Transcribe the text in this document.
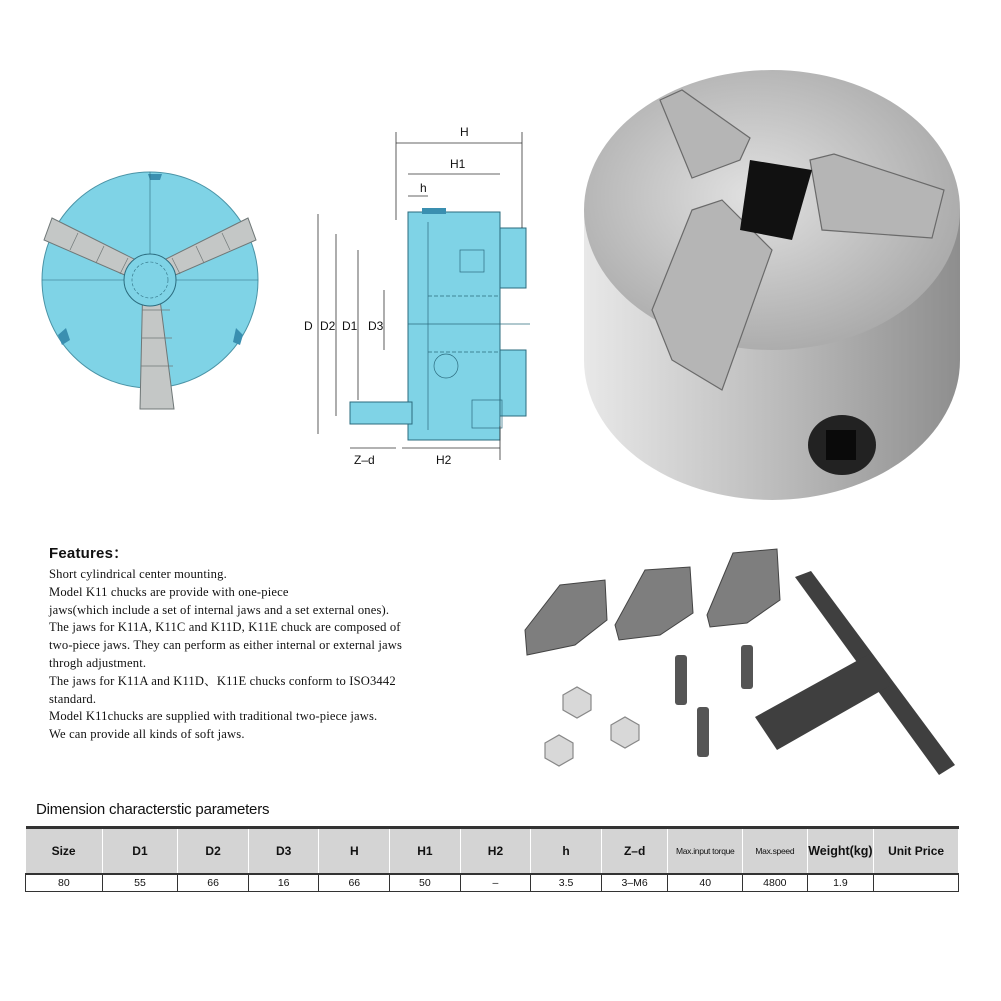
H
H1
h
D D2 D1 D3
Z–d	H2
Features：
Short cylindrical center mounting.
Model K11 chucks are provide with one-piece
jaws(which include a set of internal jaws and a set external ones).
The jaws for K11A, K11C and K11D, K11E chuck are composed of
two-piece jaws. They can perform as either internal or external jaws
throgh adjustment.
The jaws for K11A and K11D、K11E chucks conform to ISO3442
standard.
Model K11chucks are supplied with traditional two-piece jaws.
We can provide all kinds of soft jaws.
Dimension characterstic parameters
Size	D1	D2	D3	H	H1	H2	h	Z–d	Max.input torque	Max.speed	Weight(kg)	Unit Price
80	55	66	16	66	50	–	3.5	3–M6	40	4800	1.9	
